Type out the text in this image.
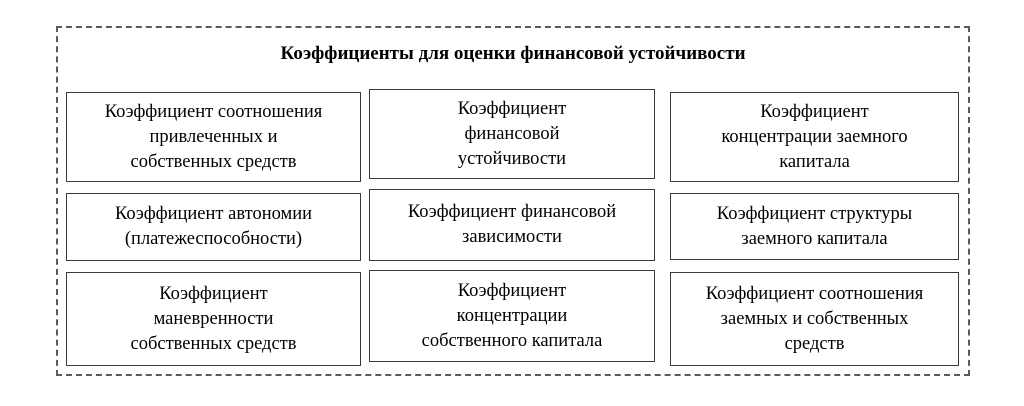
Коэффициенты для оценки финансовой устойчивости
Коэффициент соотношения
привлеченных и
собственных средств
Коэффициент
финансовой
устойчивости
Коэффициент
концентрации заемного
капитала
Коэффициент автономии
(платежеспособности)
Коэффициент финансовой
зависимости
Коэффициент структуры
заемного капитала
Коэффициент
маневренности
собственных средств
Коэффициент
концентрации
собственного капитала
Коэффициент соотношения
заемных и собственных
средств
